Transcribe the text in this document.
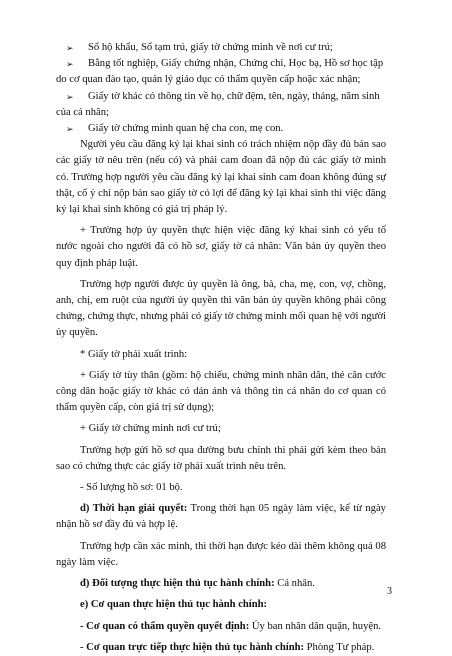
➢ Sổ hộ khẩu, Sổ tạm trú, giấy tờ chứng minh về nơi cư trú;
➢ Bằng tốt nghiệp, Giấy chứng nhận, Chứng chỉ, Học bạ, Hồ sơ học tập do cơ quan đào tạo, quản lý giáo dục có thẩm quyền cấp hoặc xác nhận;
➢ Giấy tờ khác có thông tin về họ, chữ đệm, tên, ngày, tháng, năm sinh của cá nhân;
➢ Giấy tờ chứng minh quan hệ cha con, mẹ con.

Người yêu cầu đăng ký lại khai sinh có trách nhiệm nộp đầy đủ bản sao các giấy tờ nêu trên (nếu có) và phải cam đoan đã nộp đủ các giấy tờ mình có. Trường hợp người yêu cầu đăng ký lại khai sinh cam đoan không đúng sự thật, cố ý chỉ nộp bản sao giấy tờ có lợi để đăng ký lại khai sinh thì việc đăng ký lại khai sinh không có giá trị pháp lý.

+ Trường hợp ủy quyền thực hiện việc đăng ký khai sinh có yếu tố nước ngoài cho người đã có hồ sơ, giấy tờ cá nhân: Văn bản ủy quyền theo quy định pháp luật.

Trường hợp người được ủy quyền là ông, bà, cha, mẹ, con, vợ, chồng, anh, chị, em ruột của người ủy quyền thì văn bản ủy quyền không phải công chứng, chứng thực, nhưng phải có giấy tờ chứng minh mối quan hệ với người ủy quyền.

* Giấy tờ phải xuất trình:

+ Giấy tờ tùy thân (gồm: hộ chiếu, chứng minh nhân dân, thẻ căn cước công dân hoặc giấy tờ khác có dán ảnh và thông tin cá nhân do cơ quan có thẩm quyền cấp, còn giá trị sử dụng);

+ Giấy tờ chứng minh nơi cư trú;

Trường hợp gửi hồ sơ qua đường bưu chính thì phải gửi kèm theo bản sao có chứng thực các giấy tờ phải xuất trình nêu trên.

- Số lượng hồ sơ: 01 bộ.

d) Thời hạn giải quyết: Trong thời hạn 05 ngày làm việc, kể từ ngày nhận hồ sơ đầy đủ và hợp lệ.

Trường hợp cần xác minh, thì thời hạn được kéo dài thêm không quá 08 ngày làm việc.

đ) Đối tượng thực hiện thủ tục hành chính: Cá nhân.

e) Cơ quan thực hiện thủ tục hành chính:

- Cơ quan có thẩm quyền quyết định: Ủy ban nhân dân quận, huyện.

- Cơ quan trực tiếp thực hiện thủ tục hành chính: Phòng Tư pháp.

3
